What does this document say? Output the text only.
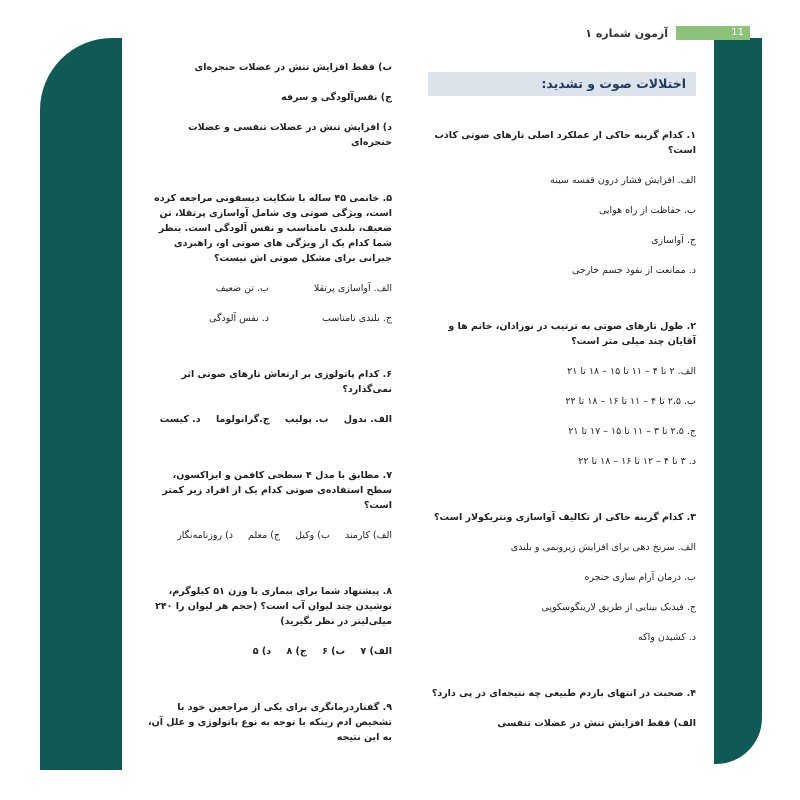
11
آزمون شماره ۱
اختلالات صوت و تشدید:
۱. کدام گزینه حاکی از عملکرد اصلی تارهای صوتی کاذب است؟
الف. افزایش فشار درون قفسه سینه
ب. حفاظت از راه هوایی
ج. آواسازی
د. ممانعت از نفوذ جسم خارجی
۲. طول تارهای صوتی به ترتیب در نوزادان، خانم ها و آقایان چند میلی متر است؟
الف. ۲ تا ۴ – ۱۱ تا ۱۵ – ۱۸ تا ۲۱
ب. ۲،۵ تا ۴ – ۱۱ تا ۱۶ – ۱۸ تا ۲۲
ج. ۲،۵ تا ۳ – ۱۱ تا ۱۵ – ۱۷ تا ۲۱
د. ۳ تا ۴ – ۱۲ تا ۱۶ – ۱۸ تا ۲۲
۳. کدام گزینه حاکی از تکالیف آواسازی ونتریکولار است؟
الف. سرنخ دهی برای افزایش زیروبمی و بلندی
ب. درمان آرام سازی حنجره
ج. فیدبک بینایی از طریق لارینگوسکوپی
د. کشیدن واکه
۴. صحبت در انتهای بازدم طبیعی چه نتیجه‌ای در پی دارد؟
الف) فقط افزایش تنش در عضلات تنفسی
ب) فقط افزایش تنش در عضلات حنجره‌ای
ج) نفس‌آلودگی و سرفه
د) افزایش تنش در عضلات تنفسی و عضلات حنجره‌ای
۵. خانمی ۴۵ ساله با شکایت دیسفونی مراجعه کرده است، ویژگی صوتی وی شامل آواسازی پرتقلا، تن ضعیف، بلندی نامناسب و نفس آلودگی است. بنظر شما کدام یک از ویژگی های صوتی او، راهبردی جبرانی برای مشکل صوتی اش نیست؟
الف. آواسازی پرتقلا
ب. تن ضعیف
ج. بلندی نامناسب
د. نفس آلودگی
۶. کدام پاتولوژی بر ارتعاش تارهای صوتی اثر نمی‌گذارد؟
الف. ندول ب. پولیپ ج.گرانولوما د. کیست
۷. مطابق با مدل ۴ سطحی کافمن و ایزاکسون، سطح استفاده‌ی صوتی کدام یک از افراد زیر کمتر است؟
الف) کارمند ب) وکیل ج) معلم د) روزنامه‌نگار
۸. پیشنهاد شما برای بیماری با وزن ۵۱ کیلوگرم، نوشیدن چند لیوان آب است؟ (حجم هر لیوان را ۲۴۰ میلی‌لیتر در نظر بگیرید)
الف) ۷ ب) ۶ ج) ۸ د) ۵
۹. گفتاردرمانگری برای یکی از مراجعین خود با تشخیص ادم رینکه با توجه به نوع پاتولوژی و علل آن، به این نتیجه
